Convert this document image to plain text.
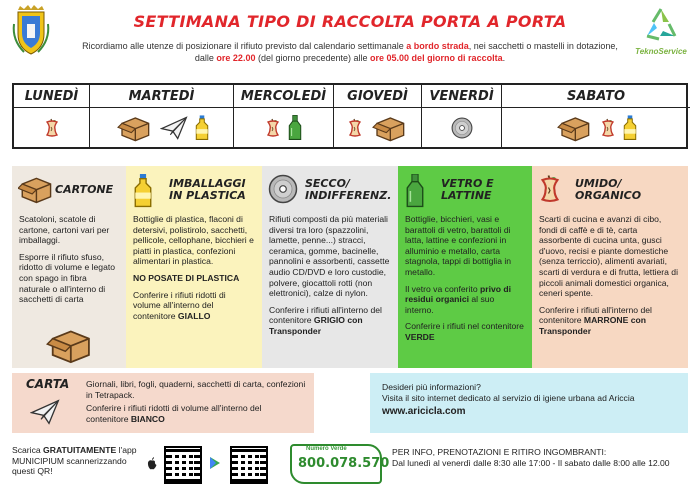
SETTIMANA TIPO DI RACCOLTA PORTA A PORTA
Ricordiamo alle utenze di posizionare il rifiuto previsto dal calendario settimanale a bordo strada, nei sacchetti o mastelli in dotazione, dalle ore 22.00 (del giorno precedente) alle ore 05.00 del giorno di raccolta.
TeknoService
LUNEDÌ	MARTEDÌ	MERCOLEDÌ	GIOVEDÌ	VENERDÌ	SABATO
CARTONE

Scatoloni, scatole di cartone, cartoni vari per imballaggi.

Esporre il rifiuto sfuso, ridotto di volume e legato con spago in fibra naturale o all'interno di sacchetti di carta

IMBALLAGGI IN PLASTICA

Bottiglie di plastica, flaconi di detersivi, polistirolo, sacchetti, pellicole, cellophane, bicchieri e piatti in plastica, confezioni alimentari in plastica.

NO POSATE DI PLASTICA

Conferire i rifiuti ridotti di volume all'interno del contenitore GIALLO

SECCO/ INDIFFERENZ.

Rifiuti composti da più materiali diversi tra loro (spazzolini, lamette, penne...) stracci, ceramica, gomme, bacinelle, pannolini e assorbenti, cassette audio CD/DVD e loro custodie, polvere, giocattoli rotti (non elettronici), calze di nylon.

Conferire i rifiuti all'interno del contenitore GRIGIO con Transponder

VETRO E LATTINE

Bottiglie, bicchieri, vasi e barattoli di vetro, barattoli di latta, lattine e confezioni in alluminio e metallo, carta stagnola, tappi di bottiglia in metallo.

Il vetro va conferito privo di residui organici al suo interno.

Conferire i rifiuti nel contenitore VERDE

UMIDO/ ORGANICO

Scarti di cucina e avanzi di cibo, fondi di caffè e di tè, carta assorbente di cucina unta, gusci d'uovo, recisi e piante domestiche (senza terriccio), alimenti avariati, scarti di verdura e di frutta, lettiera di piccoli animali domestici organica, ceneri spente.

Conferire i rifiuti all'interno del contenitore MARRONE con Transponder

CARTA Giornali, libri, fogli, quaderni, sacchetti di carta, confezioni in Tetrapack.

Conferire i rifiuti ridotti di volume all'interno del contenitore BIANCO

Desideri più informazioni?
Visita il sito internet dedicato al servizio di igiene urbana ad Ariccia
www.aricicla.com
Scarica GRATUITAMENTE l'app MUNICIPIUM scannerizzando questi QR!
Numero Verde
800.078.570
PER INFO, PRENOTAZIONI E RITIRO INGOMBRANTI:
Dal lunedì al venerdì dalle 8:30 alle 17:00 - Il sabato dalle 8:00 alle 12.00
